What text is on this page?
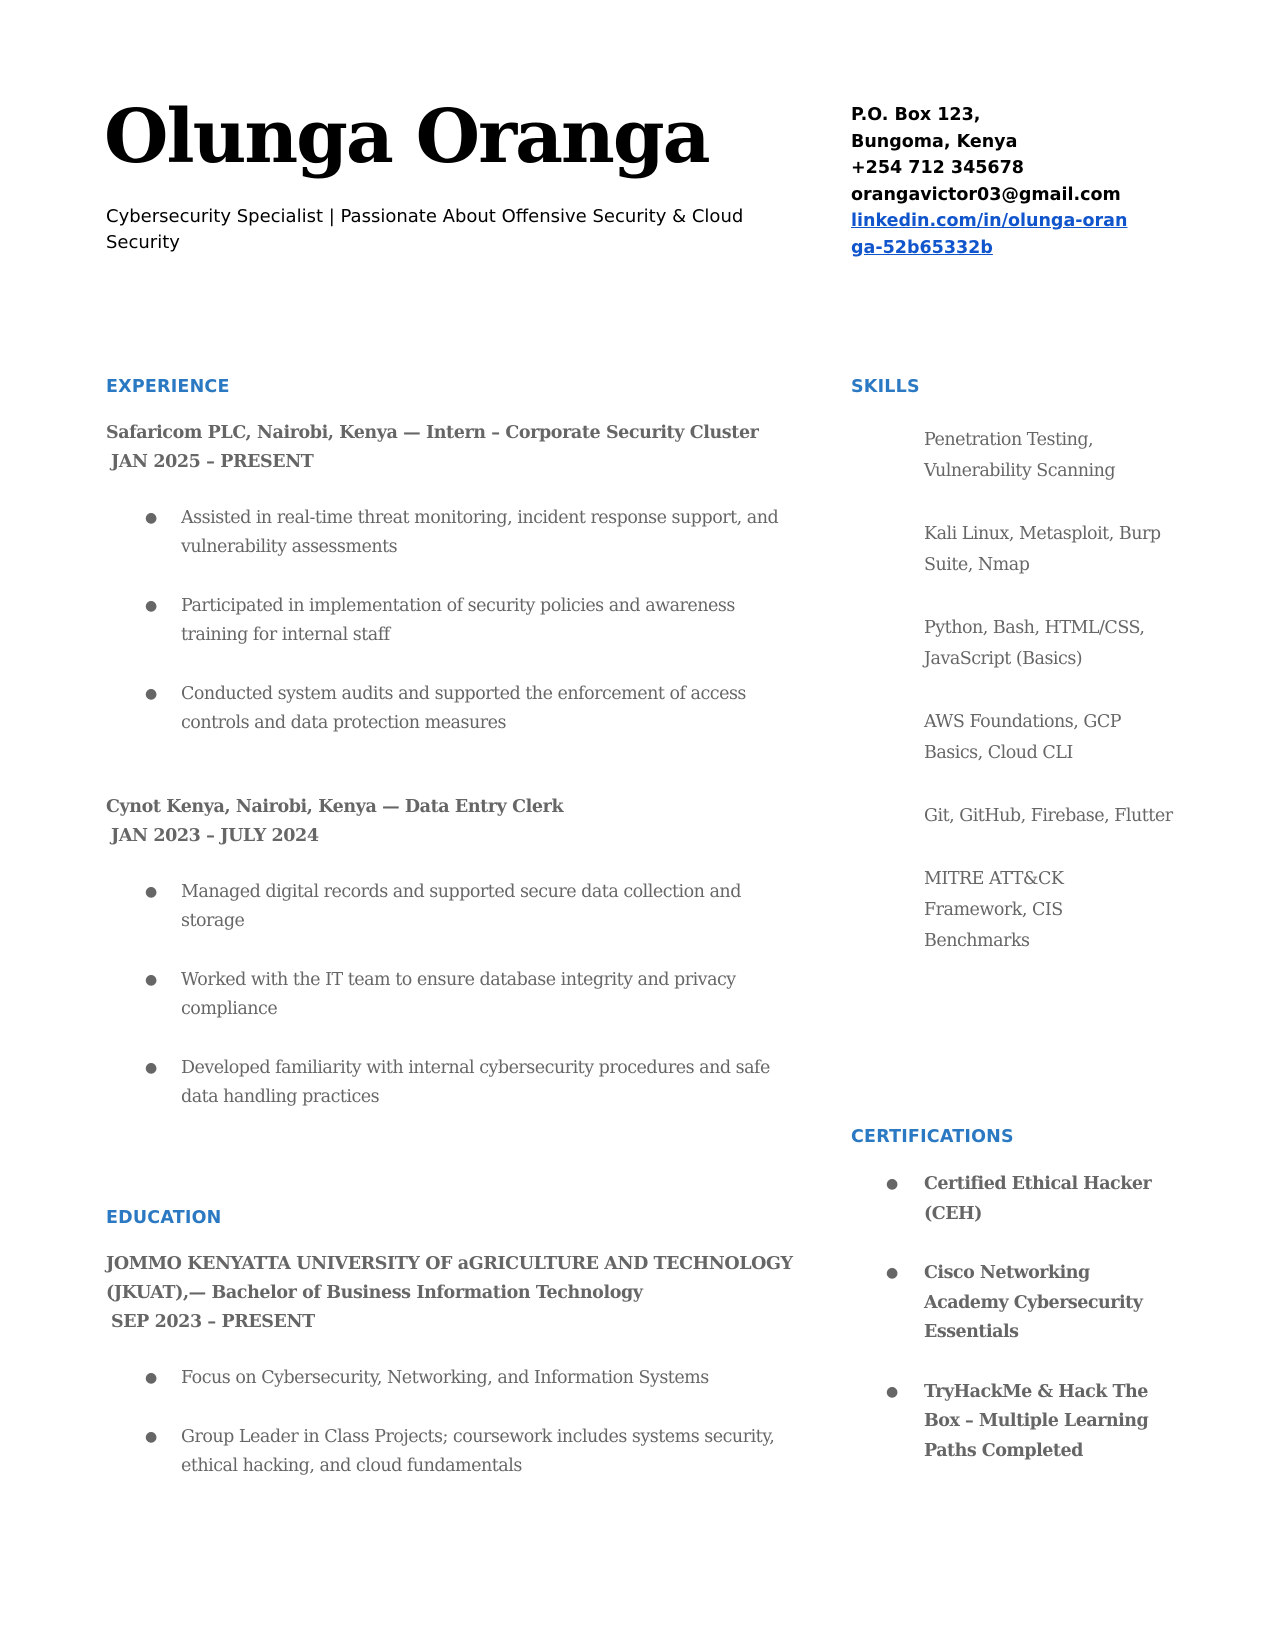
Olunga Oranga
Cybersecurity Specialist | Passionate About Offensive Security & Cloud Security
P.O. Box 123, Bungoma, Kenya
+254 712 345678
orangavictor03@gmail.com
linkedin.com/in/olunga-oranga-52b65332b
EXPERIENCE
Safaricom PLC, Nairobi, Kenya — Intern – Corporate Security Cluster
JAN 2025 – PRESENT
● Assisted in real-time threat monitoring, incident response support, and vulnerability assessments
● Participated in implementation of security policies and awareness training for internal staff
● Conducted system audits and supported the enforcement of access controls and data protection measures
Cynot Kenya, Nairobi, Kenya — Data Entry Clerk
JAN 2023 – JULY 2024
● Managed digital records and supported secure data collection and storage
● Worked with the IT team to ensure database integrity and privacy compliance
● Developed familiarity with internal cybersecurity procedures and safe data handling practices
EDUCATION
JOMMO KENYATTA UNIVERSITY OF aGRICULTURE AND TECHNOLOGY (JKUAT),— Bachelor of Business Information Technology
SEP 2023 – PRESENT
● Focus on Cybersecurity, Networking, and Information Systems
● Group Leader in Class Projects; coursework includes systems security, ethical hacking, and cloud fundamentals
SKILLS
Penetration Testing, Vulnerability Scanning
Kali Linux, Metasploit, Burp Suite, Nmap
Python, Bash, HTML/CSS, JavaScript (Basics)
AWS Foundations, GCP Basics, Cloud CLI
Git, GitHub, Firebase, Flutter
MITRE ATT&CK Framework, CIS Benchmarks
CERTIFICATIONS
● Certified Ethical Hacker (CEH)
● Cisco Networking Academy Cybersecurity Essentials
● TryHackMe & Hack The Box – Multiple Learning Paths Completed
